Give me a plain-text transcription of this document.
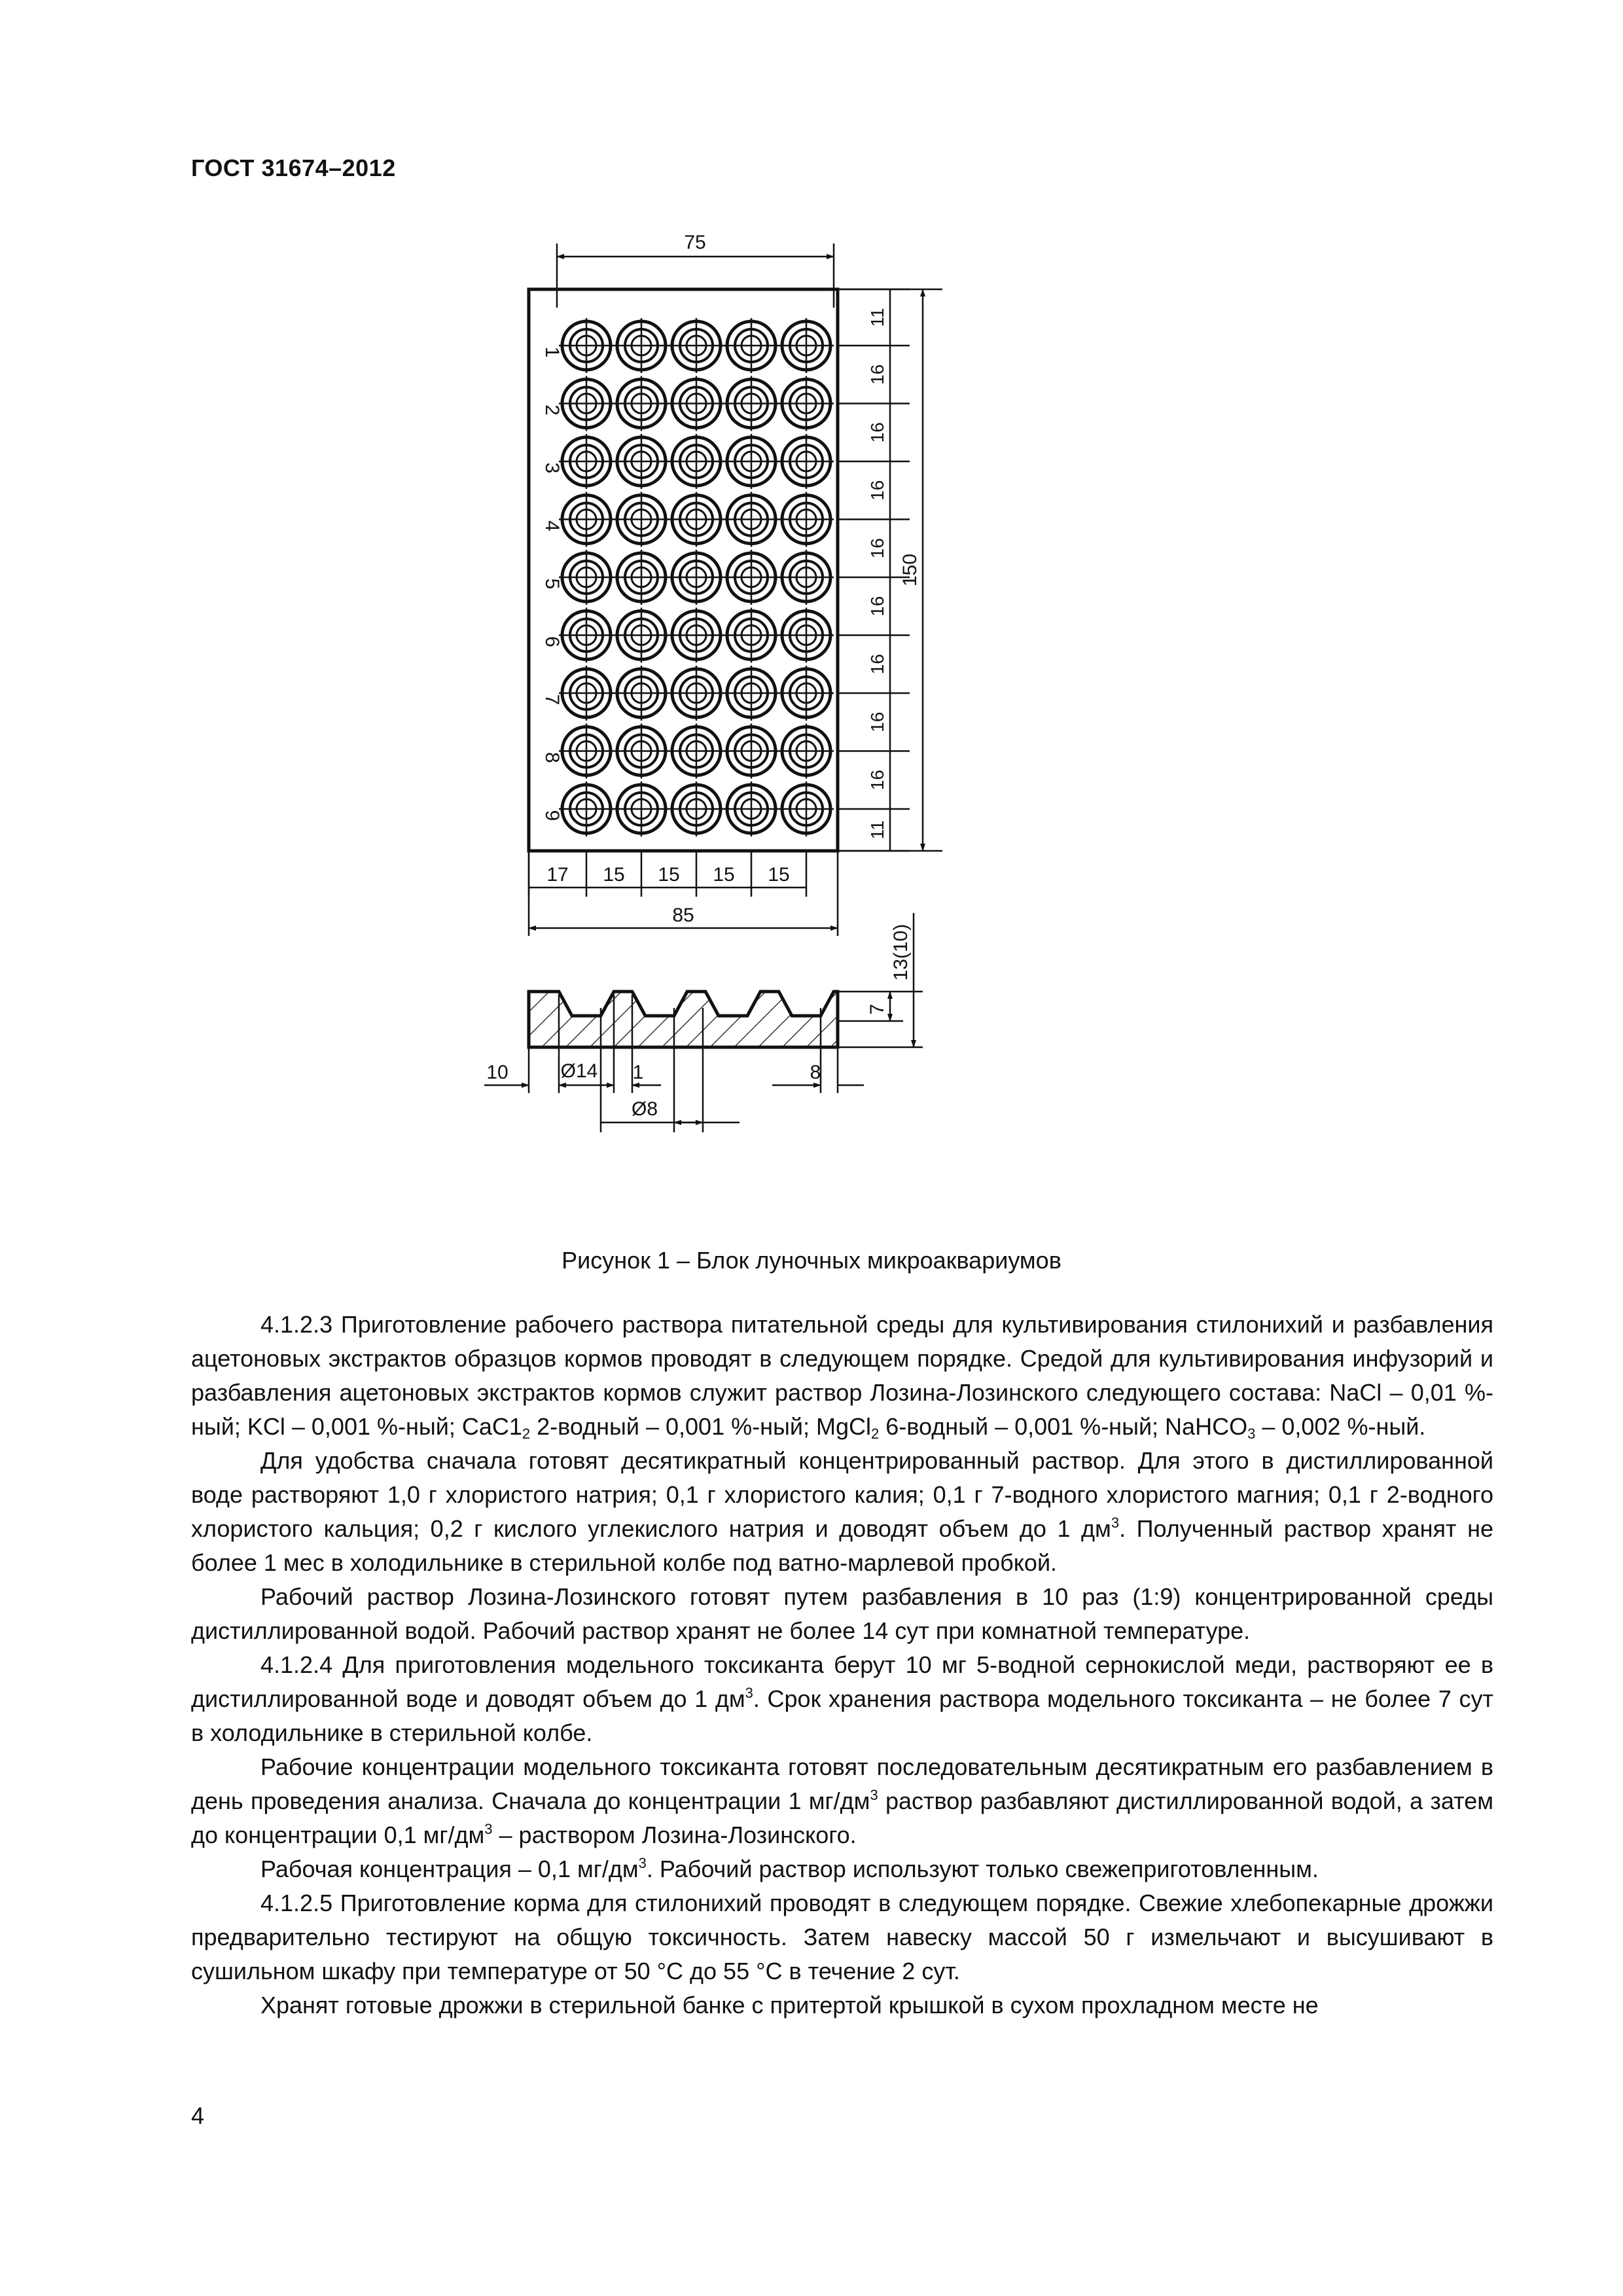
ГОСТ 31674–2012
1
2
3
4
5
6
7
8
9
75
150
11
16
16
16
16
16
16
16
16
11
17 15 15 15 15
85
7
13(10)
10	Ø14 1
Ø8
8

Рисунок 1 – Блок луночных микроаквариумов

4.1.2.3 Приготовление рабочего раствора питательной среды для культивирования стилонихий и разбавления ацетоновых экстрактов образцов кормов проводят в следующем порядке. Средой для культивирования инфузорий и разбавления ацетоновых экстрактов кормов служит раствор Лозина-Лозинского следующего состава: NaCl – 0,01 %-ный; KCl – 0,001 %-ный; $CaC1_2$ 2-водный – 0,001 %-ный; MgCl$_2$ 6-водный – 0,001 %-ный; NaHCO$_3$ – 0,002 %-ный.

Для удобства сначала готовят десятикратный концентрированный раствор. Для этого в дистиллированной воде растворяют 1,0 г хлористого натрия; 0,1 г хлористого калия; 0,1 г 7-водного хлористого магния; 0,1 г 2-водного хлористого кальция; 0,2 г кислого углекислого натрия и доводят объем до 1 $дм^3$. Полученный раствор хранят не более 1 мес в холодильнике в стерильной колбе под ватно-марлевой пробкой.

Рабочий раствор Лозина-Лозинского готовят путем разбавления в 10 раз (1:9) концентрированной среды дистиллированной водой. Рабочий раствор хранят не более 14 сут при комнатной температуре.

4.1.2.4 Для приготовления модельного токсиканта берут 10 мг 5-водной сернокислой меди, растворяют ее в дистиллированной воде и доводят объем до 1 $дм^3$. Срок хранения раствора модельного токсиканта – не более 7 сут в холодильнике в стерильной колбе.

Рабочие концентрации модельного токсиканта готовят последовательным десятикратным его разбавлением в день проведения анализа. Сначала до концентрации 1 $мг/дм^3$ раствор разбавляют дистиллированной водой, а затем до концентрации 0,1 $мг/дм^3$ – раствором Лозина-Лозинского.

Рабочая концентрация – 0,1 $мг/дм^3$. Рабочий раствор используют только свежеприготовленным.

4.1.2.5 Приготовление корма для стилонихий проводят в следующем порядке. Свежие хлебопекарные дрожжи предварительно тестируют на общую токсичность. Затем навеску массой 50 г измельчают и высушивают в сушильном шкафу при температуре от 50 °С до 55 °С в течение 2 сут.

Хранят готовые дрожжи в стерильной банке с притертой крышкой в сухом прохладном месте не

4
